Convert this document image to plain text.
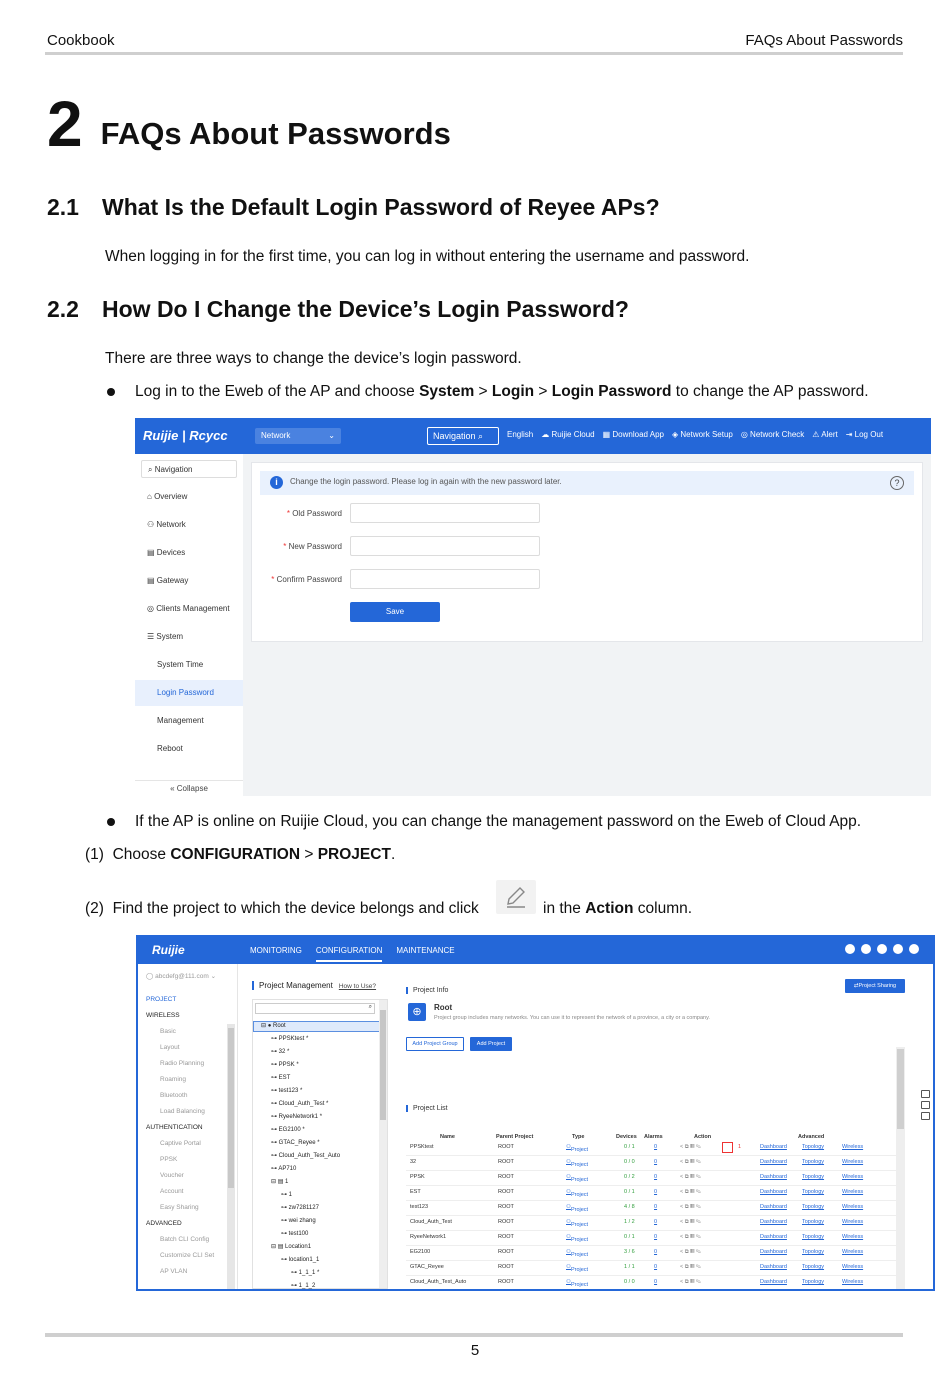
Cookbook	FAQs About Passwords
2 FAQs About Passwords
2.1 What Is the Default Login Password of Reyee APs?
When logging in for the first time, you can log in without entering the username and password.
2.2 How Do I Change the Device’s Login Password?
There are three ways to change the device’s login password.
Log in to the Eweb of the AP and choose System > Login > Login Password to change the AP password.
Ruijie | Rcycc	Network	⌄	Navigation ⌕	English ☁ Ruijie Cloud ▦ Download App ◈ Network Setup ◎ Network Check ⚠ Alert ⇥ Log Out
⌕ Navigation
⌂ Overview
⚇ Network
▤ Devices
▤ Gateway
◎ Clients Management
☰ System
System Time
Login Password
Management
Reboot
« Collapse
i	Change the login password. Please log in again with the new password later.	?
* Old Password
* New Password
* Confirm Password
Save
If the AP is online on Ruijie Cloud, you can change the management password on the Eweb of Cloud App.
(1) Choose CONFIGURATION > PROJECT.
(2) Find the project to which the device belongs and click	in the Action column.
Ruijie	MONITORING CONFIGURATION MAINTENANCE
◯ abcdefg@111.com ⌄
PROJECT
WIRELESS
Basic
Layout
Radio Planning
Roaming
Bluetooth
Load Balancing
AUTHENTICATION
Captive Portal
PPSK
Voucher
Account
Easy Sharing
ADVANCED
Batch CLI Config
Customize CLI Set
AP VLAN
Project Management How to Use?	⇄Project Sharing
⌕
⊟ ● Root
⊶ PPSKtest *
⊶ 32 *
⊶ PPSK *
⊶ EST
⊶ test123 *
⊶ Cloud_Auth_Test *
⊶ RyeeNetwork1 *
⊶ EG2100 *
⊶ GTAC_Reyee *
⊶ Cloud_Auth_Test_Auto
⊶ AP710
⊟ ▤ 1
⊶ 1
⊶ zw7281127
⊶ wei zhang
⊶ test100
⊟ ▤ Location1
⊶ location1_1
⊶ 1_1_1 *
⊶ 1_1_2
Project Info
⊕	Root
Project group includes many networks. You can use it to represent the network of a province, a city or a company.
Add Project Group	Add Project
Project List
Name	Parent Project	Type	Devices Alarms	Action	Advanced
PPSKtest	ROOT	⚇ Project	0 / 1	0	< ⧉ ▥ ✎	Dashboard	Topology	Wireless
1
32	ROOT	⚇ Project	0 / 0	0	< ⧉ ▥ ✎	Dashboard	Topology	Wireless
PPSK	ROOT	⚇ Project	0 / 2	0	< ⧉ ▥ ✎	Dashboard	Topology	Wireless
EST	ROOT	⚇ Project	0 / 1	0	< ⧉ ▥ ✎	Dashboard	Topology	Wireless
test123	ROOT	⚇ Project	4 / 8	0	< ⧉ ▥ ✎	Dashboard	Topology	Wireless
Cloud_Auth_Test	ROOT	⚇ Project	1 / 2	0	< ⧉ ▥ ✎	Dashboard	Topology	Wireless
RyeeNetwork1	ROOT	⚇ Project	0 / 1	0	< ⧉ ▥ ✎	Dashboard	Topology	Wireless
EG2100	ROOT	⚇ Project	3 / 6	0	< ⧉ ▥ ✎	Dashboard	Topology	Wireless
GTAC_Reyee	ROOT	⚇ Project	1 / 1	0	< ⧉ ▥ ✎	Dashboard	Topology	Wireless
Cloud_Auth_Test_Auto	ROOT	⚇ Project	0 / 0	0	< ⧉ ▥ ✎	Dashboard	Topology	Wireless
5
